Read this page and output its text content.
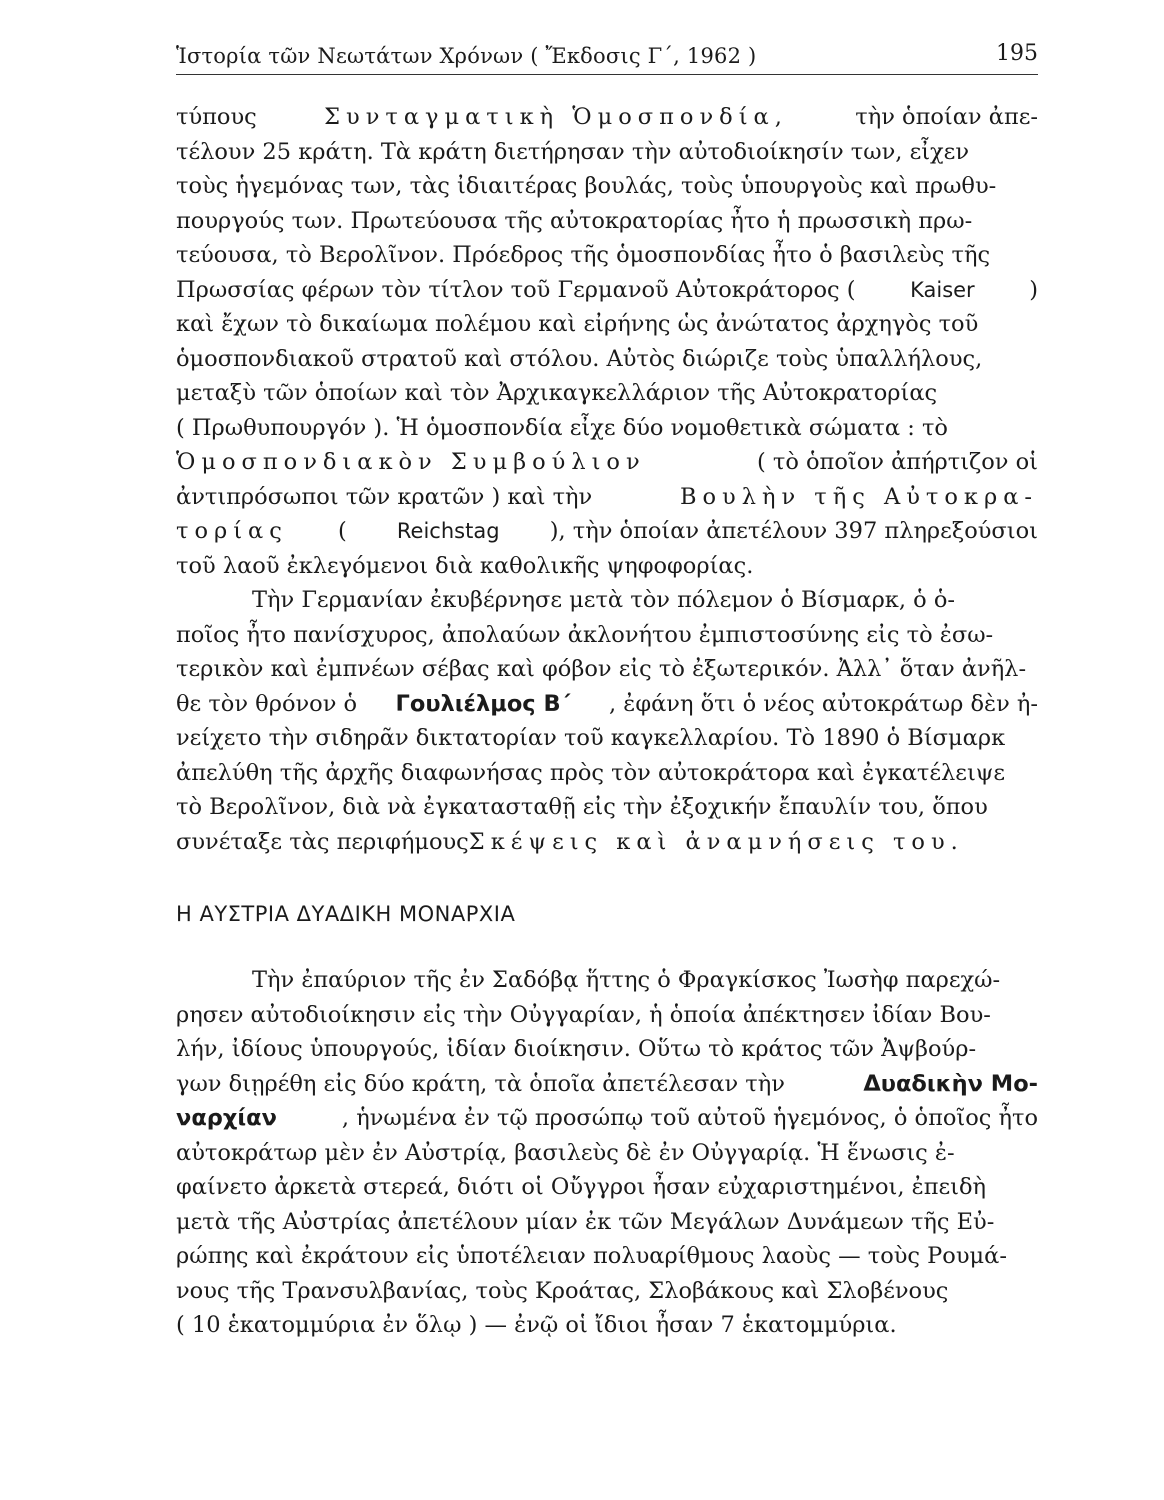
Ἱστορία τῶν Νεωτάτων Χρόνων ( Ἔκδοσις Γ΄, 1962 )	195
τύπους	Συνταγματικὴ Ὁμοσπονδία,	τὴν ὁποίαν ἀπε-
τέλουν 25 κράτη. Τὰ κράτη διετήρησαν τὴν αὐτοδιοίκησίν των, εἶχεν
τοὺς ἡγεμόνας των, τὰς ἰδιαιτέρας βουλάς, τοὺς ὑπουργοὺς καὶ πρωθυ-
πουργούς των. Πρωτεύουσα τῆς αὐτοκρατορίας ἦτο ἡ πρωσσικὴ πρω-
τεύουσα, τὸ Βερολῖνον. Πρόεδρος τῆς ὁμοσπονδίας ἦτο ὁ βασιλεὺς τῆς
Πρωσσίας φέρων τὸν τίτλον τοῦ Γερμανοῦ Αὐτοκράτορος (	Kaiser )
καὶ ἔχων τὸ δικαίωμα πολέμου καὶ εἰρήνης ὡς ἀνώτατος ἀρχηγὸς τοῦ
ὁμοσπονδιακοῦ στρατοῦ καὶ στόλου. Αὐτὸς διώριζε τοὺς ὑπαλλήλους,
μεταξὺ τῶν ὁποίων καὶ τὸν Ἀρχικαγκελλάριον τῆς Αὐτοκρατορίας
( Πρωθυπουργόν ). Ἡ ὁμοσπονδία εἶχε δύο νομοθετικὰ σώματα : τὸ
Ὁμοσπονδιακὸν Συμβούλιον	( τὸ ὁποῖον ἀπήρτιζον οἱ
ἀντιπρόσωποι τῶν κρατῶν ) καὶ τὴν	Βουλὴν τῆς Αὐτοκρα-
τορίας ( Reichstag ), τὴν ὁποίαν ἀπετέλουν 397 πληρεξούσιοι
τοῦ λαοῦ ἐκλεγόμενοι διὰ καθολικῆς ψηφοφορίας.
Τὴν Γερμανίαν ἐκυβέρνησε μετὰ τὸν πόλεμον ὁ Βίσμαρκ, ὁ ὁ-
ποῖος ἦτο πανίσχυρος, ἀπολαύων ἀκλονήτου ἐμπιστοσύνης εἰς τὸ ἐσω-
τερικὸν καὶ ἐμπνέων σέβας καὶ φόβον εἰς τὸ ἐξωτερικόν. Ἀλλ᾽ ὅταν ἀνῆλ-
θε τὸν θρόνον ὁ Γουλιέλμος Β΄ , ἐφάνη ὅτι ὁ νέος αὐτοκράτωρ δὲν ἠ-
νείχετο τὴν σιδηρᾶν δικτατορίαν τοῦ καγκελλαρίου. Τὸ 1890 ὁ Βίσμαρκ
ἀπελύθη τῆς ἀρχῆς διαφωνήσας πρὸς τὸν αὐτοκράτορα καὶ ἐγκατέλειψε
τὸ Βερολῖνον, διὰ νὰ ἐγκατασταθῇ εἰς τὴν ἐξοχικήν ἔπαυλίν του, ὅπου
συνέταξε τὰς περιφήμους Σκέψεις καὶ ἀναμνήσεις του.
Η ΑΥΣΤΡΙΑ ΔΥΑΔΙΚΗ ΜΟΝΑΡΧΙΑ
Τὴν ἐπαύριον τῆς ἐν Σαδόβᾳ ἥττης ὁ Φραγκίσκος Ἰωσὴφ παρεχώ-
ρησεν αὐτοδιοίκησιν εἰς τὴν Οὐγγαρίαν, ἡ ὁποία ἀπέκτησεν ἰδίαν Βου-
λήν, ἰδίους ὑπουργούς, ἰδίαν διοίκησιν. Οὕτω τὸ κράτος τῶν Ἀψβούρ-
γων διῃρέθη εἰς δύο κράτη, τὰ ὁποῖα ἀπετέλεσαν τὴν	Δυαδικὴν Μο-
ναρχίαν	, ἡνωμένα ἐν τῷ προσώπῳ τοῦ αὐτοῦ ἡγεμόνος, ὁ ὁποῖος ἦτο
αὐτοκράτωρ μὲν ἐν Αὐστρίᾳ, βασιλεὺς δὲ ἐν Οὐγγαρίᾳ. Ἡ ἕνωσις ἐ-
φαίνετο ἀρκετὰ στερεά, διότι οἱ Οὔγγροι ἦσαν εὐχαριστημένοι, ἐπειδὴ
μετὰ τῆς Αὐστρίας ἀπετέλουν μίαν ἐκ τῶν Μεγάλων Δυνάμεων τῆς Εὐ-
ρώπης καὶ ἐκράτουν εἰς ὑποτέλειαν πολυαρίθμους λαοὺς — τοὺς Ρουμά-
νους τῆς Τρανσυλβανίας, τοὺς Κροάτας, Σλοβάκους καὶ Σλοβένους
( 10 ἑκατομμύρια ἐν ὅλῳ ) — ἐνῷ οἱ ἴδιοι ἦσαν 7 ἑκατομμύρια.
